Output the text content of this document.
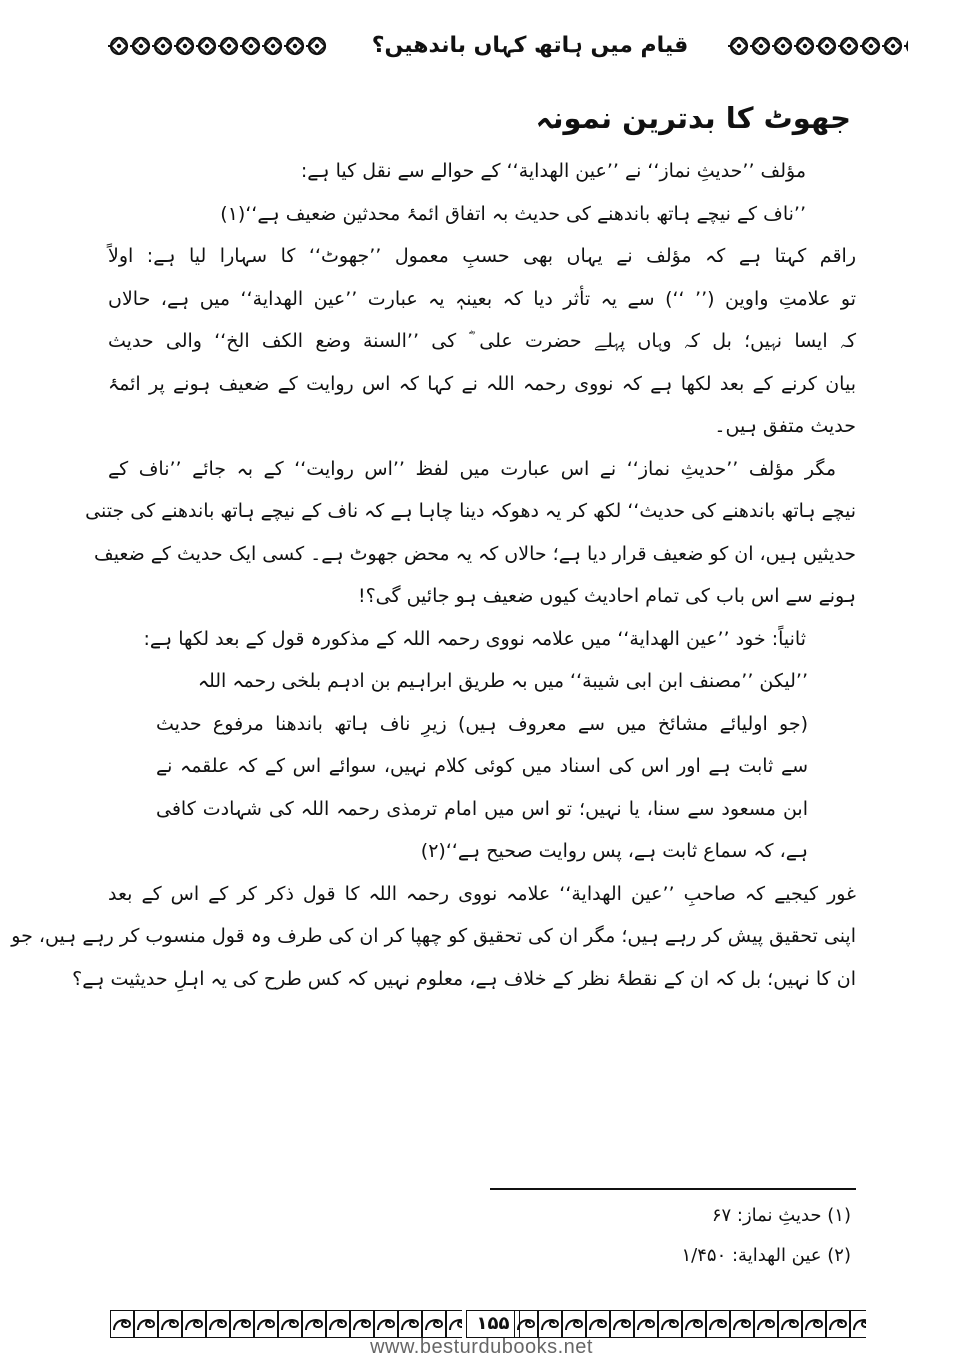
قیام میں ہاتھ کہاں باندھیں؟
جھوٹ کا بدترین نمونہ
مؤلف ’’حدیثِ نماز‘‘ نے ’’عین الهداية‘‘ کے حوالے سے نقل کیا ہے:
’’ناف کے نیچے ہاتھ باندھنے کی حدیث بہ اتفاق ائمۂ محدثین ضعیف ہے‘‘(۱)
راقم کہتا ہے کہ مؤلف نے یہاں بھی حسبِ معمول ’’جھوٹ‘‘ کا سہارا لیا ہے: اولاً
تو علامتِ واوین (’’ ‘‘) سے یہ تأثر دیا کہ بعینہٖ یہ عبارت ’’عین الهداية‘‘ میں ہے، حالاں
کہ ایسا نہیں؛ بل کہ وہاں پہلے حضرت علی ؓ کی ’’السنة وضع الكف الخ‘‘ والی حدیث
بیان کرنے کے بعد لکھا ہے کہ نووی رحمہ اللہ نے کہا کہ اس روایت کے ضعیف ہونے پر ائمۂ
حدیث متفق ہیں۔
مگر مؤلف ’’حدیثِ نماز‘‘ نے اس عبارت میں لفظ ’’اس روایت‘‘ کے بہ جائے ’’ناف کے
نیچے ہاتھ باندھنے کی حدیث‘‘ لکھ کر یہ دھوکہ دینا چاہا ہے کہ ناف کے نیچے ہاتھ باندھنے کی جتنی
حدیثیں ہیں، ان کو ضعیف قرار دیا ہے؛ حالاں کہ یہ محض جھوٹ ہے۔ کسی ایک حدیث کے ضعیف
ہونے سے اس باب کی تمام احادیث کیوں ضعیف ہو جائیں گی؟!
ثانیاً: خود ’’عین الهداية‘‘ میں علامہ نووی رحمہ اللہ کے مذکورہ قول کے بعد لکھا ہے:
’’لیکن ’’مصنف ابن ابی شیبة‘‘ میں بہ طریق ابراہیم بن ادہم بلخی رحمہ اللہ
(جو اولیائے مشائخ میں سے معروف ہیں) زیرِ ناف ہاتھ باندھنا مرفوع حدیث
سے ثابت ہے اور اس کی اسناد میں کوئی کلام نہیں، سوائے اس کے کہ علقمہ نے
ابن مسعود سے سنا، یا نہیں؛ تو اس میں امام ترمذی رحمہ اللہ کی شہادت کافی
ہے، کہ سماع ثابت ہے، پس روایت صحیح ہے‘‘(۲)
غور کیجیے کہ صاحبِ ’’عین الهداية‘‘ علامہ نووی رحمہ اللہ کا قول ذکر کر کے اس کے بعد
اپنی تحقیق پیش کر رہے ہیں؛ مگر ان کی تحقیق کو چھپا کر ان کی طرف وہ قول منسوب کر رہے ہیں، جو
ان کا نہیں؛ بل کہ ان کے نقطۂ نظر کے خلاف ہے، معلوم نہیں کہ کس طرح کی یہ اہلِ حدیثیت ہے؟
(۱) حدیثِ نماز: ۶۷
(۲) عین الهداية: ۱/۴۵۰
۱۵۵
www.besturdubooks.net
